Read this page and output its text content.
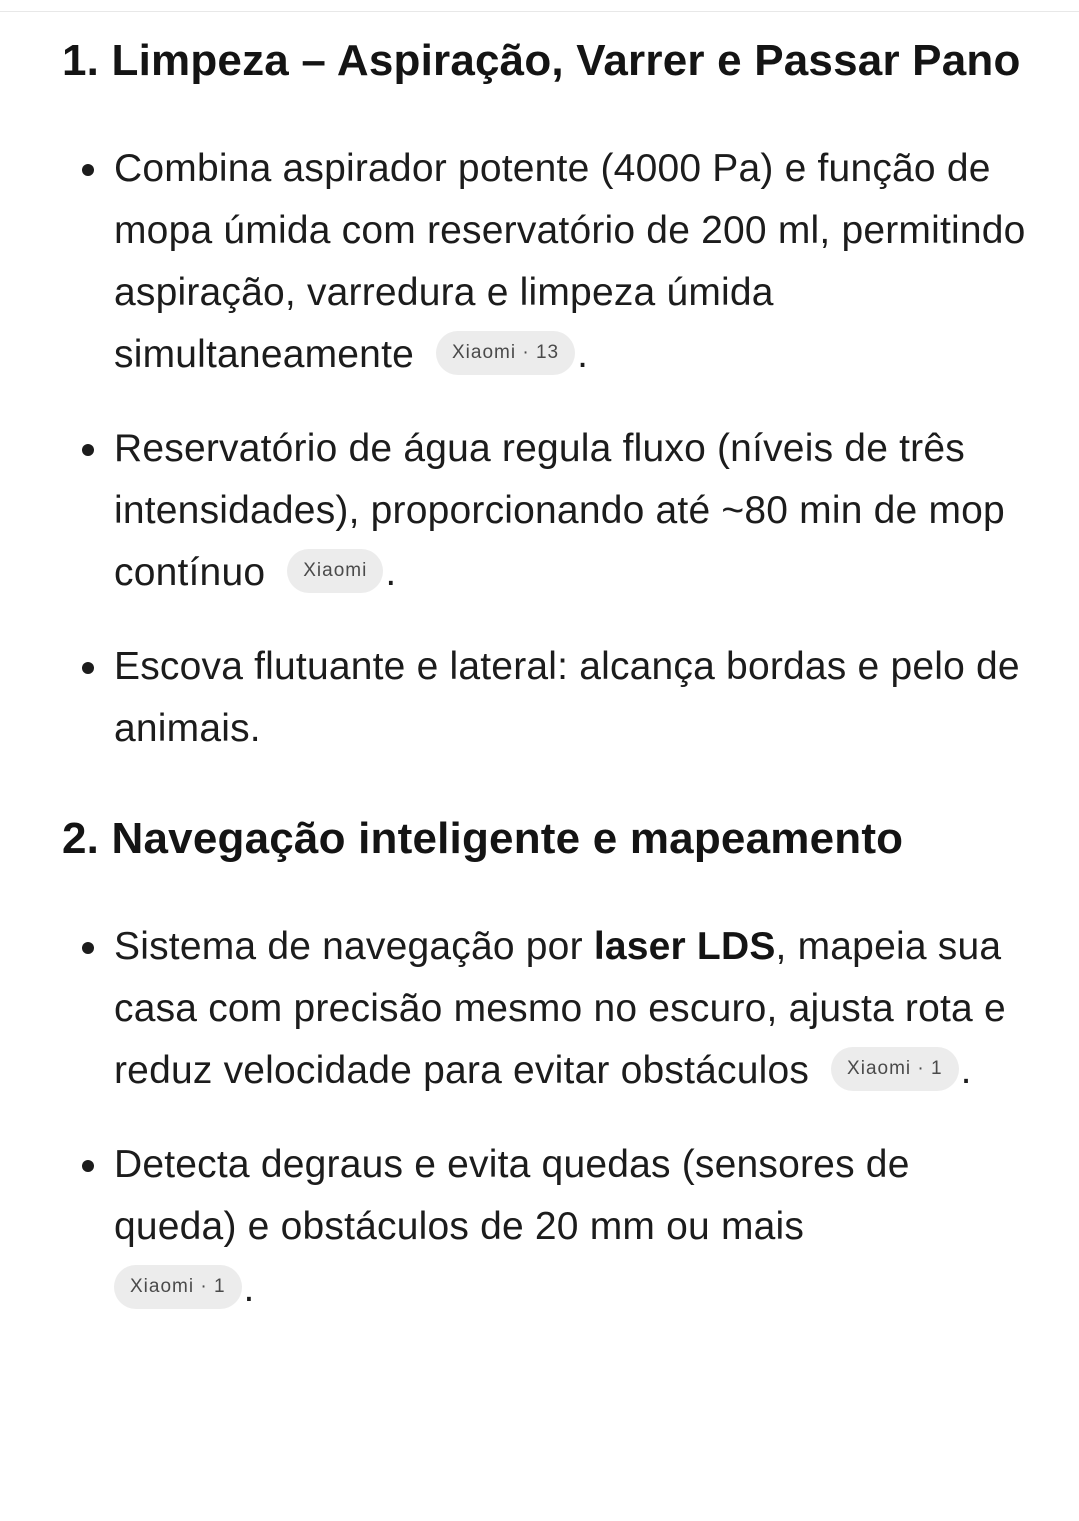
1. Limpeza – Aspiração, Varrer e Passar Pano
Combina aspirador potente (4000 Pa) e função de mopa úmida com reservatório de 200 ml, permitindo aspiração, varredura e limpeza úmida simultaneamente Xiaomi · 13 .
Reservatório de água regula fluxo (níveis de três intensidades), proporcionando até ~80 min de mop contínuo Xiaomi .
Escova flutuante e lateral: alcança bordas e pelo de animais.
2. Navegação inteligente e mapeamento
Sistema de navegação por laser LDS, mapeia sua casa com precisão mesmo no escuro, ajusta rota e reduz velocidade para evitar obstáculos Xiaomi · 1 .
Detecta degraus e evita quedas (sensores de queda) e obstáculos de 20 mm ou mais
Xiaomi · 1 .
